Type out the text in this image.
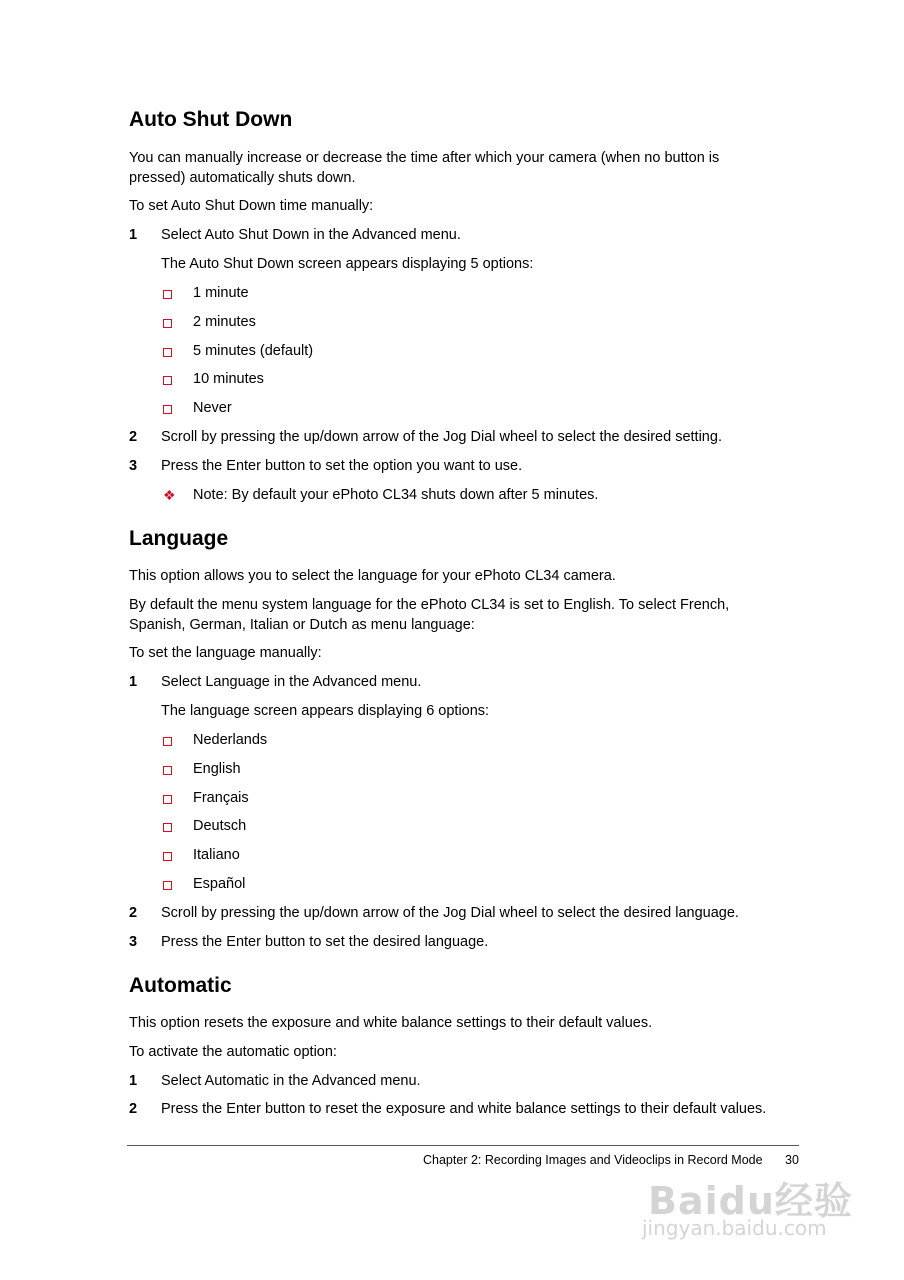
Auto Shut Down

You can manually increase or decrease the time after which your camera (when no button is pressed) automatically shuts down.

To set Auto Shut Down time manually:

1 Select Auto Shut Down in the Advanced menu.
The Auto Shut Down screen appears displaying 5 options:
1 minute
2 minutes
5 minutes (default)
10 minutes
Never
2 Scroll by pressing the up/down arrow of the Jog Dial wheel to select the desired setting.
3 Press the Enter button to set the option you want to use.
❖ Note: By default your ePhoto CL34 shuts down after 5 minutes.
Language

This option allows you to select the language for your ePhoto CL34 camera.

By default the menu system language for the ePhoto CL34 is set to English. To select French, Spanish, German, Italian or Dutch as menu language:

To set the language manually:

1 Select Language in the Advanced menu.
The language screen appears displaying 6 options:
Nederlands
English
Français
Deutsch
Italiano
Español
2 Scroll by pressing the up/down arrow of the Jog Dial wheel to select the desired language.
3 Press the Enter button to set the desired language.
Automatic

This option resets the exposure and white balance settings to their default values.

To activate the automatic option:

1 Select Automatic in the Advanced menu.
2 Press the Enter button to reset the exposure and white balance settings to their default values.
Chapter 2: Recording Images and Videoclips in Record Mode 30
Baidu经验
jingyan.baidu.com
